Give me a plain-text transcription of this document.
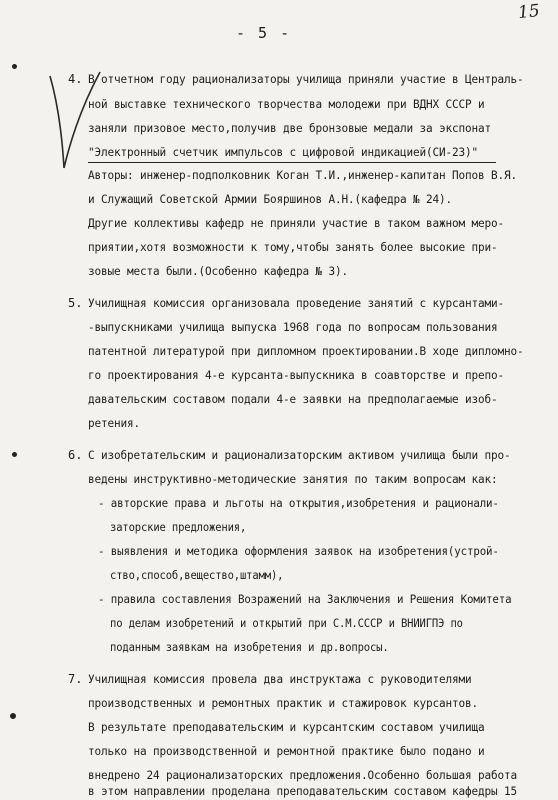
15
- 5 -
4. В отчетном году рационализаторы училища приняли участие в Централь-
ной выставке технического творчества молодежи при ВДНХ СССР и
заняли призовое место,получив две бронзовые медали за экспонат
"Электронный счетчик импульсов с цифровой индикацией(СИ-23)"
Авторы: инженер-подполковник Коган Т.И.,инженер-капитан Попов В.Я.
и Служащий Советской Армии Бояршинов А.Н.(кафедра № 24).
Другие коллективы кафедр не приняли участие в таком важном меро-
приятии,хотя возможности к тому,чтобы занять более высокие при-
зовые места были.(Особенно кафедра № 3).
5. Училищная комиссия организовала проведение занятий с курсантами-
-выпускниками училища выпуска 1968 года по вопросам пользования
патентной литературой при дипломном проектировании.В ходе дипломно-
го проектирования 4-е курсанта-выпускника в соавторстве и препо-
давательским составом подали 4-е заявки на предполагаемые изоб-
ретения.
6. С изобретательским и рационализаторским активом училища были про-
ведены инструктивно-методические занятия по таким вопросам как:
- авторские права и льготы на открытия,изобретения и рационали-
заторские предложения,
- выявления и методика оформления заявок на изобретения(устрой-
ство,способ,вещество,штамм),
- правила составления Возражений на Заключения и Решения Комитета
по делам изобретений и открытий при С.М.СССР и ВНИИГПЭ по
поданным заявкам на изобретения и др.вопросы.
7. Училищная комиссия провела два инструктажа с руководителями
производственных и ремонтных практик и стажировок курсантов.
В результате преподавательским и курсантским составом училища
только на производственной и ремонтной практике было подано и
внедрено 24 рационализаторских предложения.Особенно большая работа
в этом направлении проделана преподавательским составом кафедры 15
